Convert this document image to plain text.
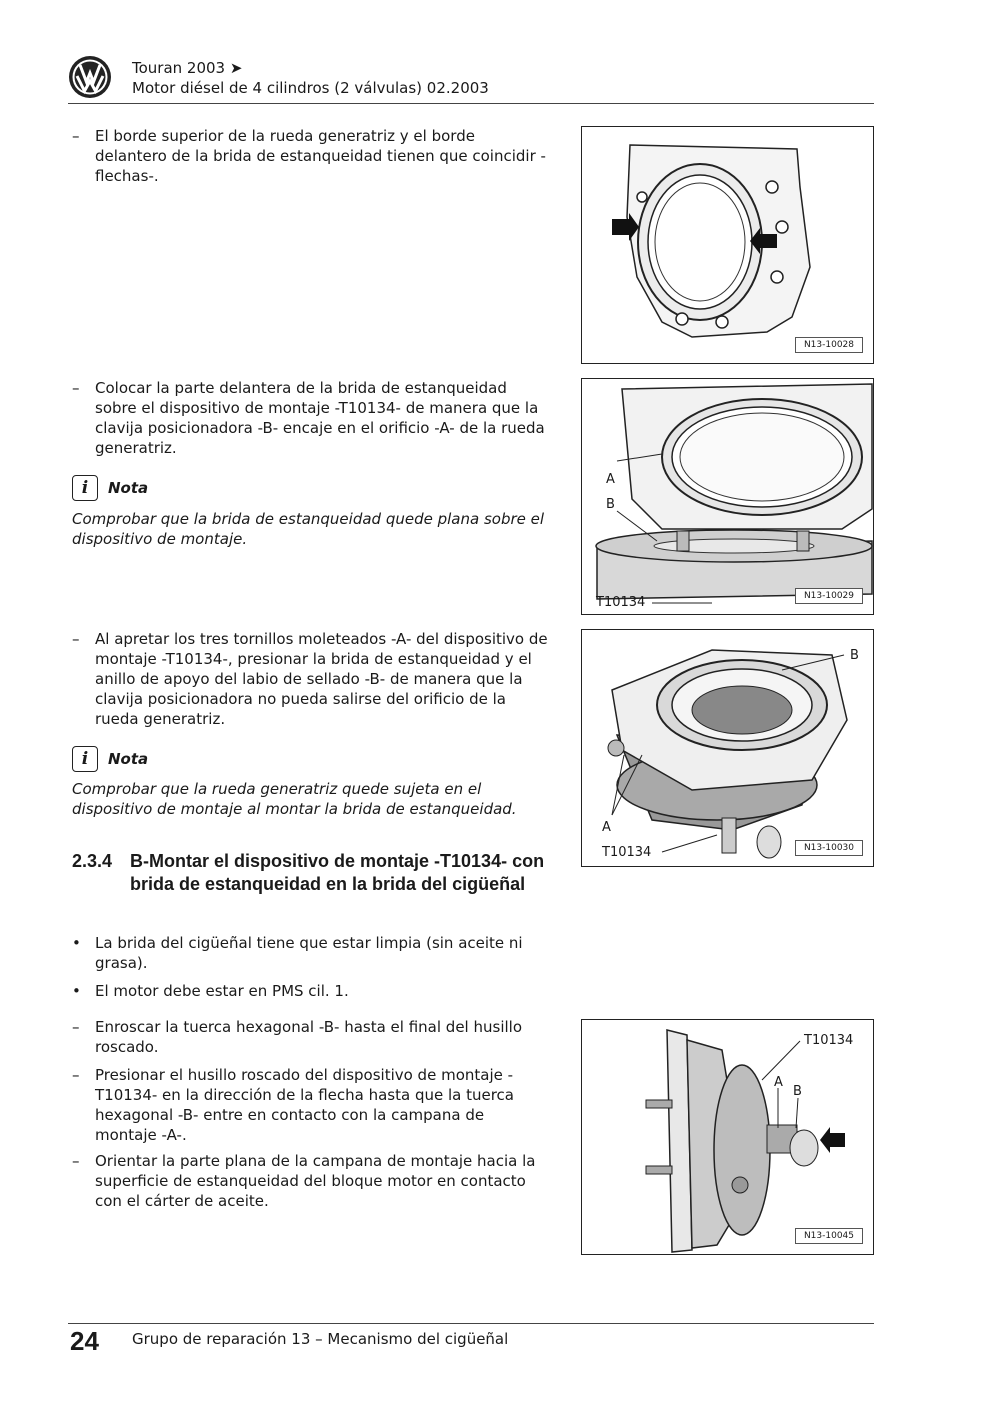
Touran 2003 ➤
Motor diésel de 4 cilindros (2 válvulas) 02.2003
– El borde superior de la rueda generatriz y el borde delantero de la brida de estanqueidad tienen que coincidir -flechas-.
– Colocar la parte delantera de la brida de estanqueidad sobre el dispositivo de montaje -T10134- de manera que la clavija posicionadora -B- encaje en el orificio -A- de la rueda generatriz.
i	Nota
Comprobar que la brida de estanqueidad quede plana sobre el dispositivo de montaje.
– Al apretar los tres tornillos moleteados -A- del dispositivo de montaje -T10134-, presionar la brida de estanqueidad y el anillo de apoyo del labio de sellado -B- de manera que la clavija posicionadora no pueda salirse del orificio de la rueda generatriz.
i	Nota
Comprobar que la rueda generatriz quede sujeta en el dispositivo de montaje al montar la brida de estanqueidad.
2.3.4 B-Montar el dispositivo de montaje -T10134- con brida de estanqueidad en la brida del cigüeñal
• La brida del cigüeñal tiene que estar limpia (sin aceite ni grasa).
• El motor debe estar en PMS cil. 1.
– Enroscar la tuerca hexagonal -B- hasta el final del husillo roscado.
– Presionar el husillo roscado del dispositivo de montaje -T10134- en la dirección de la flecha hasta que la tuerca hexagonal -B- entre en contacto con la campana de montaje -A-.
– Orientar la parte plana de la campana de montaje hacia la superficie de estanqueidad del bloque motor en contacto con el cárter de aceite.
N13-10028
A
B
T10134	N13-10029
B
A
T10134	N13-10030
T10134
A
B
N13-10045
24 Grupo de reparación 13 – Mecanismo del cigüeñal
